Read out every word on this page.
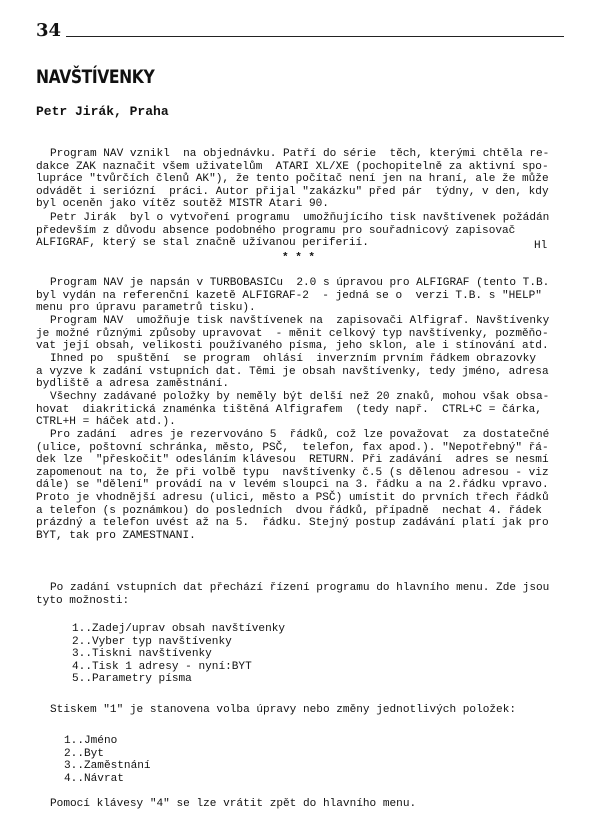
34
NAVŠTÍVENKY
Petr Jirák, Praha

Program NAV vznikl  na objednávku. Patří do série  těch, kterými chtěla re-
dakce ZAK naznačit všem uživatelům  ATARI XL/XE (pochopitelně za aktivní spo-
lupráce "tvůrčích členů AK"), že tento počítač není jen na hraní, ale že může
odvádět i seriózní  práci. Autor přijal "zakázku" před pár  týdny, v den, kdy
byl oceněn jako vítěz soutěž MISTR Atari 90.

Petr Jirák  byl o vytvoření programu  umožňujícího tisk navštívenek požádán
především z důvodu absence podobného programu pro souřadnicový zapisovač
ALFIGRAF, který se stal značně užívanou periferií.	Hl
* * *

Program NAV je napsán v TURBOBASICu  2.0 s úpravou pro ALFIGRAF (tento T.B.
byl vydán na referenční kazetě ALFIGRAF-2  - jedná se o  verzi T.B. s "HELP"
menu pro úpravu parametrů tisku).

Program NAV  umožňuje tisk navštívenek na  zapisovači Alfigraf. Navštívenky
je možné různými způsoby upravovat  - měnit celkový typ navštívenky, pozměňo-
vat její obsah, velikosti používaného písma, jeho sklon, ale i stínování atd.

Ihned po  spuštění  se program  ohlásí  inverzním prvním řádkem obrazovky
a vyzve k zadání vstupních dat. Těmi je obsah navštívenky, tedy jméno, adresa
bydliště a adresa zaměstnání.

Všechny zadávané položky by neměly být delší než 20 znaků, mohou však obsa-
hovat  diakritická znaménka tištěná Alfigrafem  (tedy např.  CTRL+C = čárka,
CTRL+H = háček atd.).

Pro zadání  adres je rezervováno 5  řádků, což lze považovat  za dostatečné
(ulice, poštovní schránka, město, PSČ,  telefon, fax apod.). "Nepotřebný" řá-
dek lze  "přeskočit" odesláním klávesou  RETURN. Při zadávání  adres se nesmí
zapomenout na to, že při volbě typu  navštívenky č.5 (s dělenou adresou - viz
dále) se "dělení" provádí na v levém sloupci na 3. řádku a na 2.řádku vpravo.
Proto je vhodnější adresu (ulici, město a PSČ) umístit do prvních třech řádků
a telefon (s poznámkou) do posledních  dvou řádků, případně  nechat 4. řádek
prázdný a telefon uvést až na 5.  řádku. Stejný postup zadávání platí jak pro
BYT, tak pro ZAMESTNANI.

Po zadání vstupních dat přechází řízení programu do hlavního menu. Zde jsou
tyto možnosti:

1..Zadej/uprav obsah navštívenky
2..Vyber typ navštívenky
3..Tiskni navštívenky
4..Tisk 1 adresy - nyní:BYT
5..Parametry písma

Stiskem "1" je stanovena volba úpravy nebo změny jednotlivých položek:

1..Jméno
2..Byt
3..Zaměstnání
4..Návrat

Pomocí klávesy "4" se lze vrátit zpět do hlavního menu.
